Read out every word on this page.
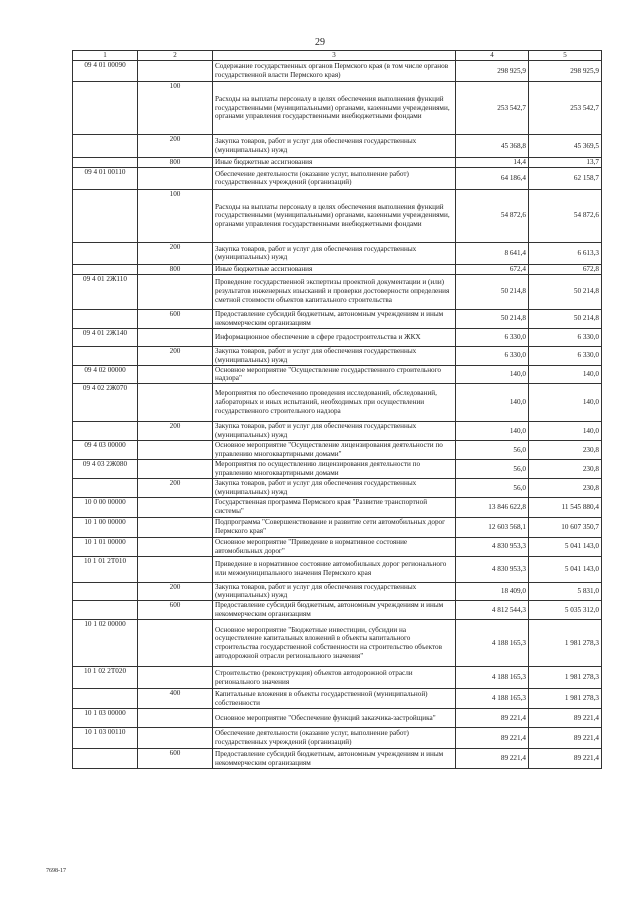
29
1	2	3	4	5
09 4 01 00090		Содержание государственных органов Пермского края (в том числе органов государственной власти Пермского края)	298 925,9	298 925,9
	100	Расходы на выплаты персоналу в целях обеспечения выполнения функций государственными (муниципальными) органами, казенными учреждениями, органами управления государственными внебюджетными фондами	253 542,7	253 542,7
	200	Закупка товаров, работ и услуг для обеспечения государственных (муниципальных) нужд	45 368,8	45 369,5
	800	Иные бюджетные ассигнования	14,4	13,7
09 4 01 00110		Обеспечение деятельности (оказание услуг, выполнение работ) государственных учреждений (организаций)	64 186,4	62 158,7
	100	Расходы на выплаты персоналу в целях обеспечения выполнения функций государственными (муниципальными) органами, казенными учреждениями, органами управления государственными внебюджетными фондами	54 872,6	54 872,6
	200	Закупка товаров, работ и услуг для обеспечения государственных (муниципальных) нужд	8 641,4	6 613,3
	800	Иные бюджетные ассигнования	672,4	672,8
09 4 01 2Ж110		Проведение государственной экспертизы проектной документации и (или) результатов инженерных изысканий и проверки достоверности определения сметной стоимости объектов капитального строительства	50 214,8	50 214,8
	600	Предоставление субсидий бюджетным, автономным учреждениям и иным некоммерческим организациям	50 214,8	50 214,8
09 4 01 2Ж140		Информационное обеспечение в сфере градостроительства и ЖКХ	6 330,0	6 330,0
	200	Закупка товаров, работ и услуг для обеспечения государственных (муниципальных) нужд	6 330,0	6 330,0
09 4 02 00000		Основное мероприятие "Осуществление государственного строительного надзора"	140,0	140,0
09 4 02 2Ж070		Мероприятия по обеспечению проведения исследований, обследований, лабораторных и иных испытаний, необходимых при осуществлении государственного строительного надзора	140,0	140,0
	200	Закупка товаров, работ и услуг для обеспечения государственных (муниципальных) нужд	140,0	140,0
09 4 03 00000		Основное мероприятие "Осуществление лицензирования деятельности по управлению многоквартирными домами"	56,0	230,8
09 4 03 2Ж080		Мероприятия по осуществлению лицензирования деятельности по управлению многоквартирными домами	56,0	230,8
	200	Закупка товаров, работ и услуг для обеспечения государственных (муниципальных) нужд	56,0	230,8
10 0 00 00000		Государственная программа Пермского края "Развитие транспортной системы"	13 846 622,8	11 545 880,4
10 1 00 00000		Подпрограмма "Совершенствование и развитие сети автомобильных дорог Пермского края"	12 603 568,1	10 607 350,7
10 1 01 00000		Основное мероприятие "Приведение в нормативное состояние автомобильных дорог"	4 830 953,3	5 041 143,0
10 1 01 2Т010		Приведение в нормативное состояние автомобильных дорог регионального или межмуниципального значения Пермского края	4 830 953,3	5 041 143,0
	200	Закупка товаров, работ и услуг для обеспечения государственных (муниципальных) нужд	18 409,0	5 831,0
	600	Предоставление субсидий бюджетным, автономным учреждениям и иным некоммерческим организациям	4 812 544,3	5 035 312,0
10 1 02 00000		Основное мероприятие "Бюджетные инвестиции, субсидии на осуществление капитальных вложений в объекты капитального строительства государственной собственности на строительство объектов автодорожной отрасли регионального значения"	4 188 165,3	1 981 278,3
10 1 02 2Т020		Строительство (реконструкция) объектов автодорожной отрасли регионального значения	4 188 165,3	1 981 278,3
	400	Капитальные вложения в объекты государственной (муниципальной) собственности	4 188 165,3	1 981 278,3
10 1 03 00000		Основное мероприятие "Обеспечение функций заказчика-застройщика"	89 221,4	89 221,4
10 1 03 00110		Обеспечение деятельности (оказание услуг, выполнение работ) государственных учреждений (организаций)	89 221,4	89 221,4
	600	Предоставление субсидий бюджетным, автономным учреждениям и иным некоммерческим организациям	89 221,4	89 221,4
7698-17
